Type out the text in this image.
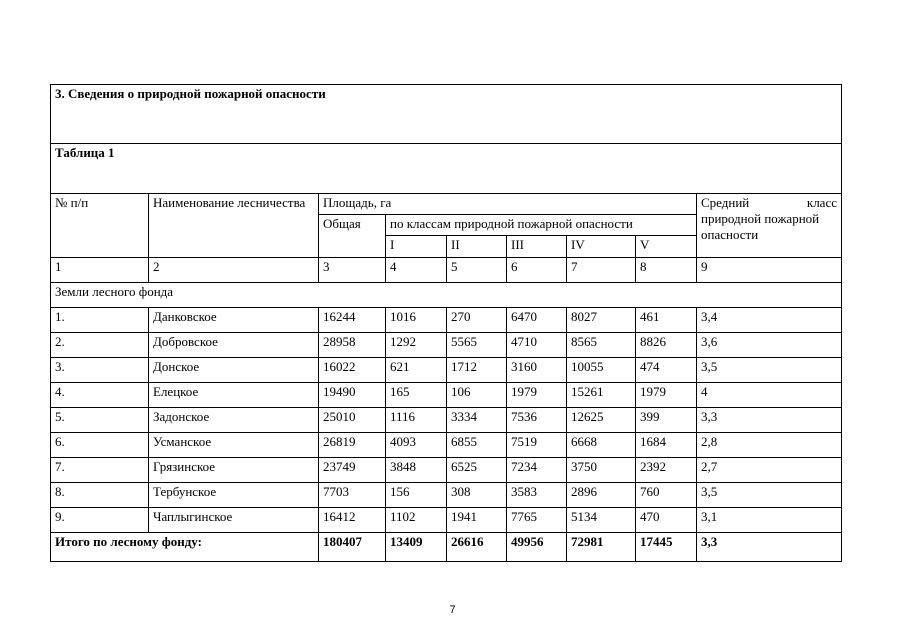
3. Сведения о природной пожарной опасности								
Таблица 1								
№ п/п	Наименование лесничества	Площадь, га						Средний класс
природной пожарной опасности

		Общая	по классам природной пожарной опасности					
			I	II	III	IV	V	
1	2	3	4	5	6	7	8	9
Земли лесного фонда								
1.	Данковское	16244	1016	270	6470	8027	461	3,4
2.	Добровское	28958	1292	5565	4710	8565	8826	3,6
3.	Донское	16022	621	1712	3160	10055	474	3,5
4.	Елецкое	19490	165	106	1979	15261	1979	4
5.	Задонское	25010	1116	3334	7536	12625	399	3,3
6.	Усманское	26819	4093	6855	7519	6668	1684	2,8
7.	Грязинское	23749	3848	6525	7234	3750	2392	2,7
8.	Тербунское	7703	156	308	3583	2896	760	3,5
9.	Чаплыгинское	16412	1102	1941	7765	5134	470	3,1
Итого по лесному фонду:		180407	13409	26616	49956	72981	17445	3,3
7
